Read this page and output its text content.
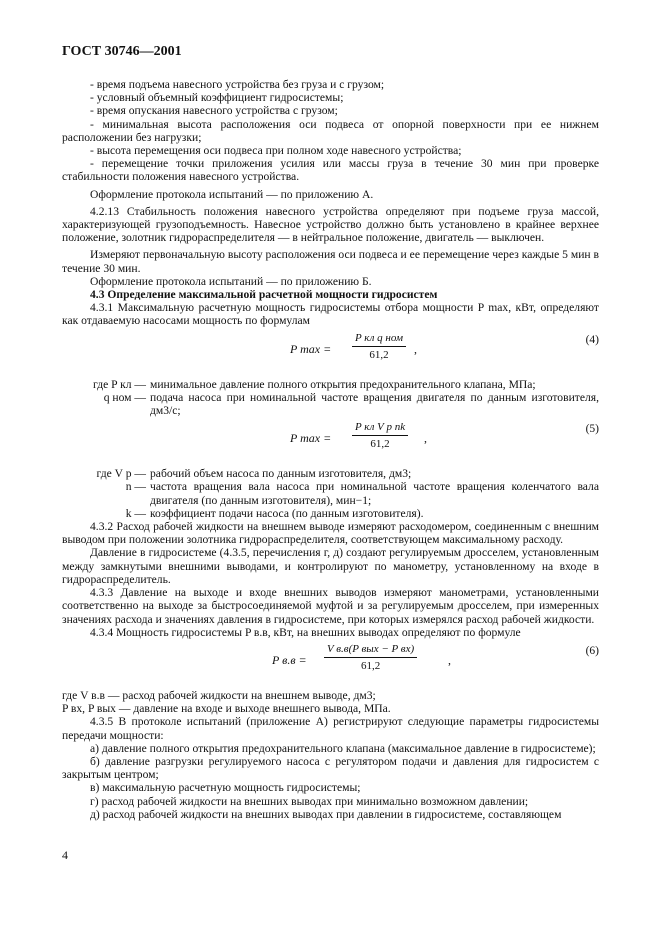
ГОСТ 30746—2001

- время подъема навесного устройства без груза и с грузом;

- условный объемный коэффициент гидросистемы;

- время опускания навесного устройства с грузом;

- минимальная высота расположения оси подвеса от опорной поверхности при ее нижнем расположении без нагрузки;

- высота перемещения оси подвеса при полном ходе навесного устройства;

- перемещение точки приложения усилия или массы груза в течение 30 мин при проверке стабильности положения навесного устройства.

Оформление протокола испытаний — по приложению А.

4.2.13 Стабильность положения навесного устройства определяют при подъеме груза массой, характеризующей грузоподъемность. Навесное устройство должно быть установлено в крайнее верхнее положение, золотник гидрораспределителя — в нейтральное положение, двигатель — выключен.

Измеряют первоначальную высоту расположения оси подвеса и ее перемещение через каждые 5 мин в течение 30 мин.

Оформление протокола испытаний — по приложению Б.

4.3 Определение максимальной расчетной мощности гидросистем

4.3.1 Максимальную расчетную мощность гидросистемы отбора мощности P max, кВт, определяют как отдаваемую насосами мощность по формулам

P max =
P кл q ном
61,2	,
(4)
где P кл — минимальное давление полного открытия предохранительного клапана, МПа;
q ном — подача насоса при номинальной частоте вращения двигателя по данным изготовителя, дм3/с;
P max =
P кл V p nk
61,2	,
(5)
где V р — рабочий объем насоса по данным изготовителя, дм3;
n — частота вращения вала насоса при номинальной частоте вращения коленчатого вала двигателя (по данным изготовителя), мин−1;
k — коэффициент подачи насоса (по данным изготовителя).

4.3.2 Расход рабочей жидкости на внешнем выводе измеряют расходомером, соединенным с внешним выводом при положении золотника гидрораспределителя, соответствующем максимальному расходу.

Давление в гидросистеме (4.3.5, перечисления г, д) создают регулируемым дросселем, установленным между замкнутыми внешними выводами, и контролируют по манометру, установленному на входе в гидрораспределитель.

4.3.3 Давление на выходе и входе внешних выводов измеряют манометрами, установленными соответственно на выходе за быстросоединяемой муфтой и за регулируемым дросселем, при измеренных значениях расхода и значениях давления в гидросистеме, при которых измерялся расход рабочей жидкости.

4.3.4 Мощность гидросистемы P в.в, кВт, на внешних выводах определяют по формуле

P в.в =
V в.в(P вых − P вх)
61,2	,
(6)

где V в.в — расход рабочей жидкости на внешнем выводе, дм3;

P вх, P вых — давление на входе и выходе внешнего вывода, МПа.

4.3.5 В протоколе испытаний (приложение А) регистрируют следующие параметры гидросистемы передачи мощности:

а) давление полного открытия предохранительного клапана (максимальное давление в гидросистеме);

б) давление разгрузки регулируемого насоса с регулятором подачи и давления для гидросистем с закрытым центром;

в) максимальную расчетную мощность гидросистемы;

г) расход рабочей жидкости на внешних выводах при минимально возможном давлении;

д) расход рабочей жидкости на внешних выводах при давлении в гидросистеме, составляющем

4
